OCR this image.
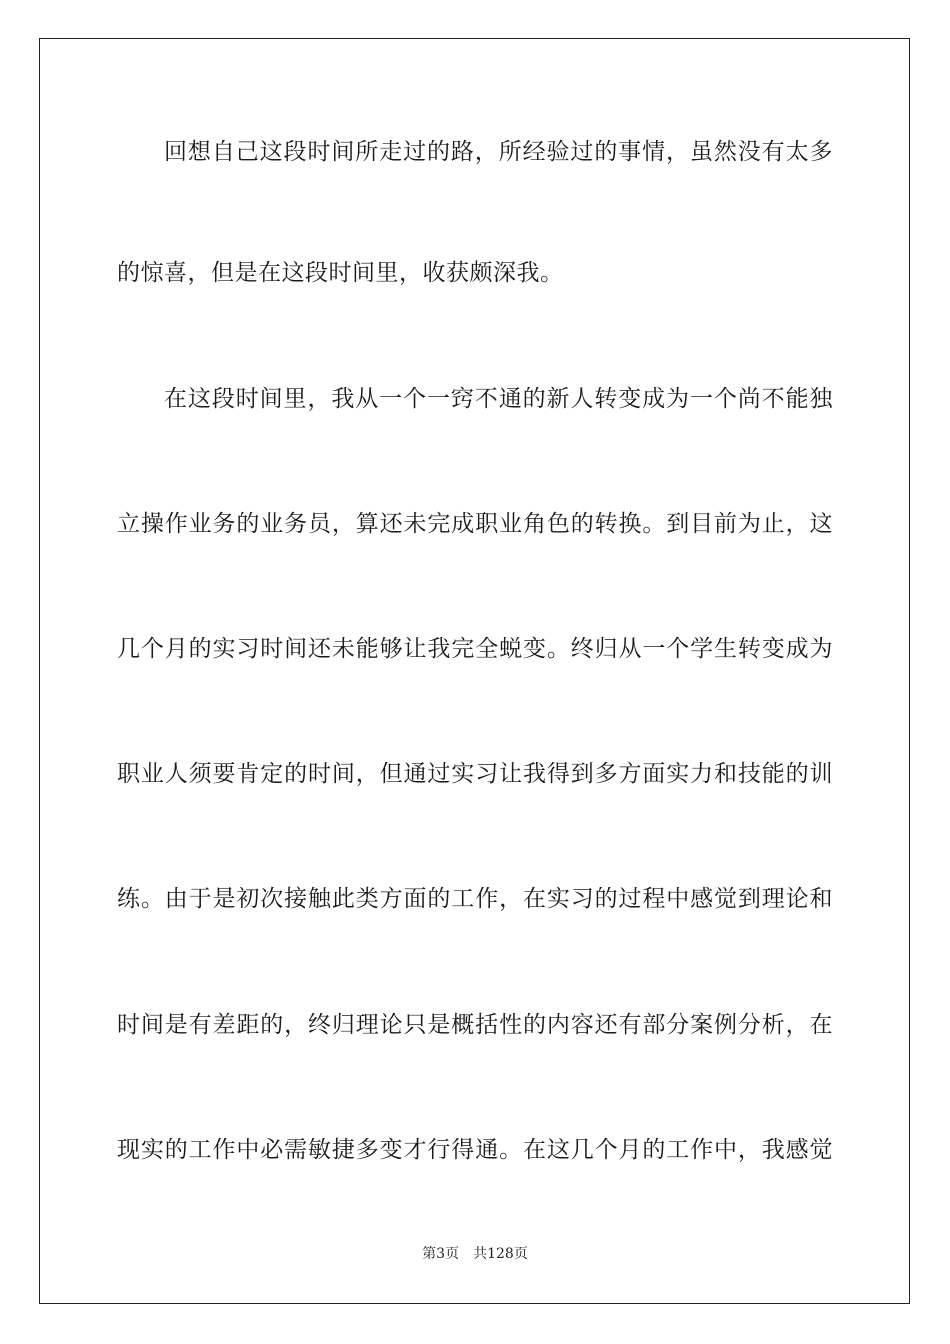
回想自己这段时间所走过的路，所经验过的事情，虽然没有太多
的惊喜，但是在这段时间里，收获颇深我。
在这段时间里，我从一个一窍不通的新人转变成为一个尚不能独
立操作业务的业务员，算还未完成职业角色的转换。到目前为止，这
几个月的实习时间还未能够让我完全蜕变。终归从一个学生转变成为
职业人须要肯定的时间，但通过实习让我得到多方面实力和技能的训
练。由于是初次接触此类方面的工作，在实习的过程中感觉到理论和
时间是有差距的，终归理论只是概括性的内容还有部分案例分析，在
现实的工作中必需敏捷多变才行得通。在这几个月的工作中，我感觉
第3页 共128页
